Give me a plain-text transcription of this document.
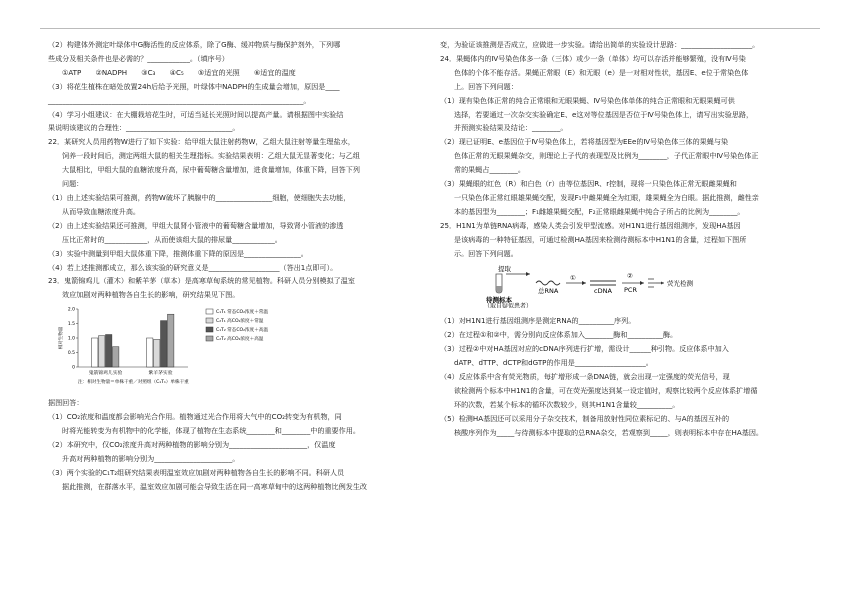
（2）构建体外测定叶绿体中G酶活性的反应体系，除了G酶、缓冲物质与酶保护剂外，下列哪

些成分及相关条件也是必需的？____________。（填序号）

①ATP　　②NADPH　　③C₃　　④C₅　　⑤适宜的光照　　⑥适宜的温度

（3）将花生植株在暗处放置24h后给予光照，叶绿体中NADPH的生成量会增加，原因是____

________________________________________________________________________。

（4）学习小组建议：在大棚栽培花生时，可适当延长光照时间以提高产量。请根据图中实验结

果说明该建议的合理性：______________________________。

22．某研究人员用药物W进行了如下实验：给甲组大鼠注射药物W，乙组大鼠注射等量生理盐水，

饲养一段时间后，测定两组大鼠的相关生理指标。实验结果表明：乙组大鼠无显著变化；与乙组

大鼠相比，甲组大鼠的血糖浓度升高，尿中葡萄糖含量增加，进食量增加，体重下降，回答下列

问题：

（1）由上述实验结果可推测，药物W破坏了胰腺中的________________细胞，使细胞失去功能，

从而导致血糖浓度升高。

（2）由上述实验结果还可推测，甲组大鼠肾小管液中的葡萄糖含量增加，导致肾小管液的渗透

压比正常时的____________，从而使该组大鼠的排尿量____________。

（3）实验中测量到甲组大鼠体重下降，推测体重下降的原因是________________。

（4）若上述推测都成立，那么该实验的研究意义是____________________（答出1点即可）。

23．鬼箭锦鸡儿（灌木）和紫羊茅（草本）是高寒草甸系统的常见植物。科研人员分别模拟了温室

效应加剧对两种植物各自生长的影响，研究结果见下图。

2.0
1.5
1.0
0.5
0
相对生物量
鬼箭锦鸡儿实验	紫羊茅实验
C₁T₁ 常态CO₂浓度＋常温
C₂T₁ 高CO₂浓度＋常温
C₁T₂ 常态CO₂浓度＋高温
C₂T₂ 高CO₂浓度＋高温
注：相对生物量＝单株干重／对照组（C₁T₁）单株干重

据图回答：

（1）CO₂浓度和温度都会影响光合作用。植物通过光合作用将大气中的CO₂转变为有机物，同

时将光能转变为有机物中的化学能，体现了植物在生态系统________和________中的重要作用。

（2）本研究中，仅CO₂浓度升高对两种植物的影响分别为______________________，仅温度

升高对两种植物的影响分别为______________________。

（3）两个实验的C₁T₂组研究结果表明温室效应加剧对两种植物各自生长的影响不同。科研人员

据此推测，在群落水平，温室效应加剧可能会导致生活在同一高寒草甸中的这两种植物比例发生改

变，为验证该推测是否成立，应做进一步实验。请给出简单的实验设计思路：____________________。

24．果蝇体内的Ⅳ号染色体多一条（三体）或少一条（单体）均可以存活并能够繁殖，没有Ⅳ号染

色体的个体不能存活。果蝇正常眼（E）和无眼（e）是一对相对性状，基因E、e位于常染色体

上。回答下列问题：

（1）现有染色体正常的纯合正常眼和无眼果蝇、Ⅳ号染色体单体的纯合正常眼和无眼果蝇可供

选择，若要通过一次杂交实验确定E、e这对等位基因是否位于Ⅳ号染色体上，请写出实验思路，

并预测实验结果及结论：________。

（2）现已证明E、e基因位于Ⅳ号染色体上，若将基因型为EEe的Ⅳ号染色体三体的果蝇与染

色体正常的无眼果蝇杂交，则理论上子代的表现型及比例为________，子代正常眼中Ⅳ号染色体正

常的果蝇占________。

（3）果蝇眼的红色（R）和白色（r）由等位基因R、r控制，现将一只染色体正常无眼雌果蝇和

一只染色体正常红眼雄果蝇交配，发现F₁中雌果蝇全为红眼，雄果蝇全为白眼。据此推测，雌性亲

本的基因型为________；F₁雌雄果蝇交配，F₂正常眼雌果蝇中纯合子所占的比例为________。

25．H1N1为单链RNA病毒，感染人类会引发甲型流感。对H1N1进行基因组测序，发现HA基因

是该病毒的一种特征基因，可通过检测HA基因来检测待测标本中H1N1的含量，过程如下图所

示。回答下列问题。

提取
总RNA
①
cDNA
②
PCR
荧光检测
待测标本
（取自疑似患者）

（1）对H1N1进行基因组测序是测定RNA的__________序列。

（2）在过程①和②中，需分别向反应体系加入________酶和__________酶。

（3）过程②中对HA基因对应的cDNA序列进行扩增，需设计______种引物。反应体系中加入

dATP、dTTP、dCTP和dGTP的作用是____________________。

（4）反应体系中含有荧光物质，每扩增形成一条DNA链，就会出现一定强度的荧光信号，现

欲检测两个标本中H1N1的含量，可在荧光强度达到某一设定值时，观察比较两个反应体系扩增循

环的次数，若某个标本的循环次数较少，则其H1N1含量较__________。

（5）检测HA基因还可以采用分子杂交技术，制备用放射性同位素标记的、与A的基因互补的

核酸序列作为_____与待测标本中提取的总RNA杂交，若观察到_____，则表明标本中存在HA基因。
